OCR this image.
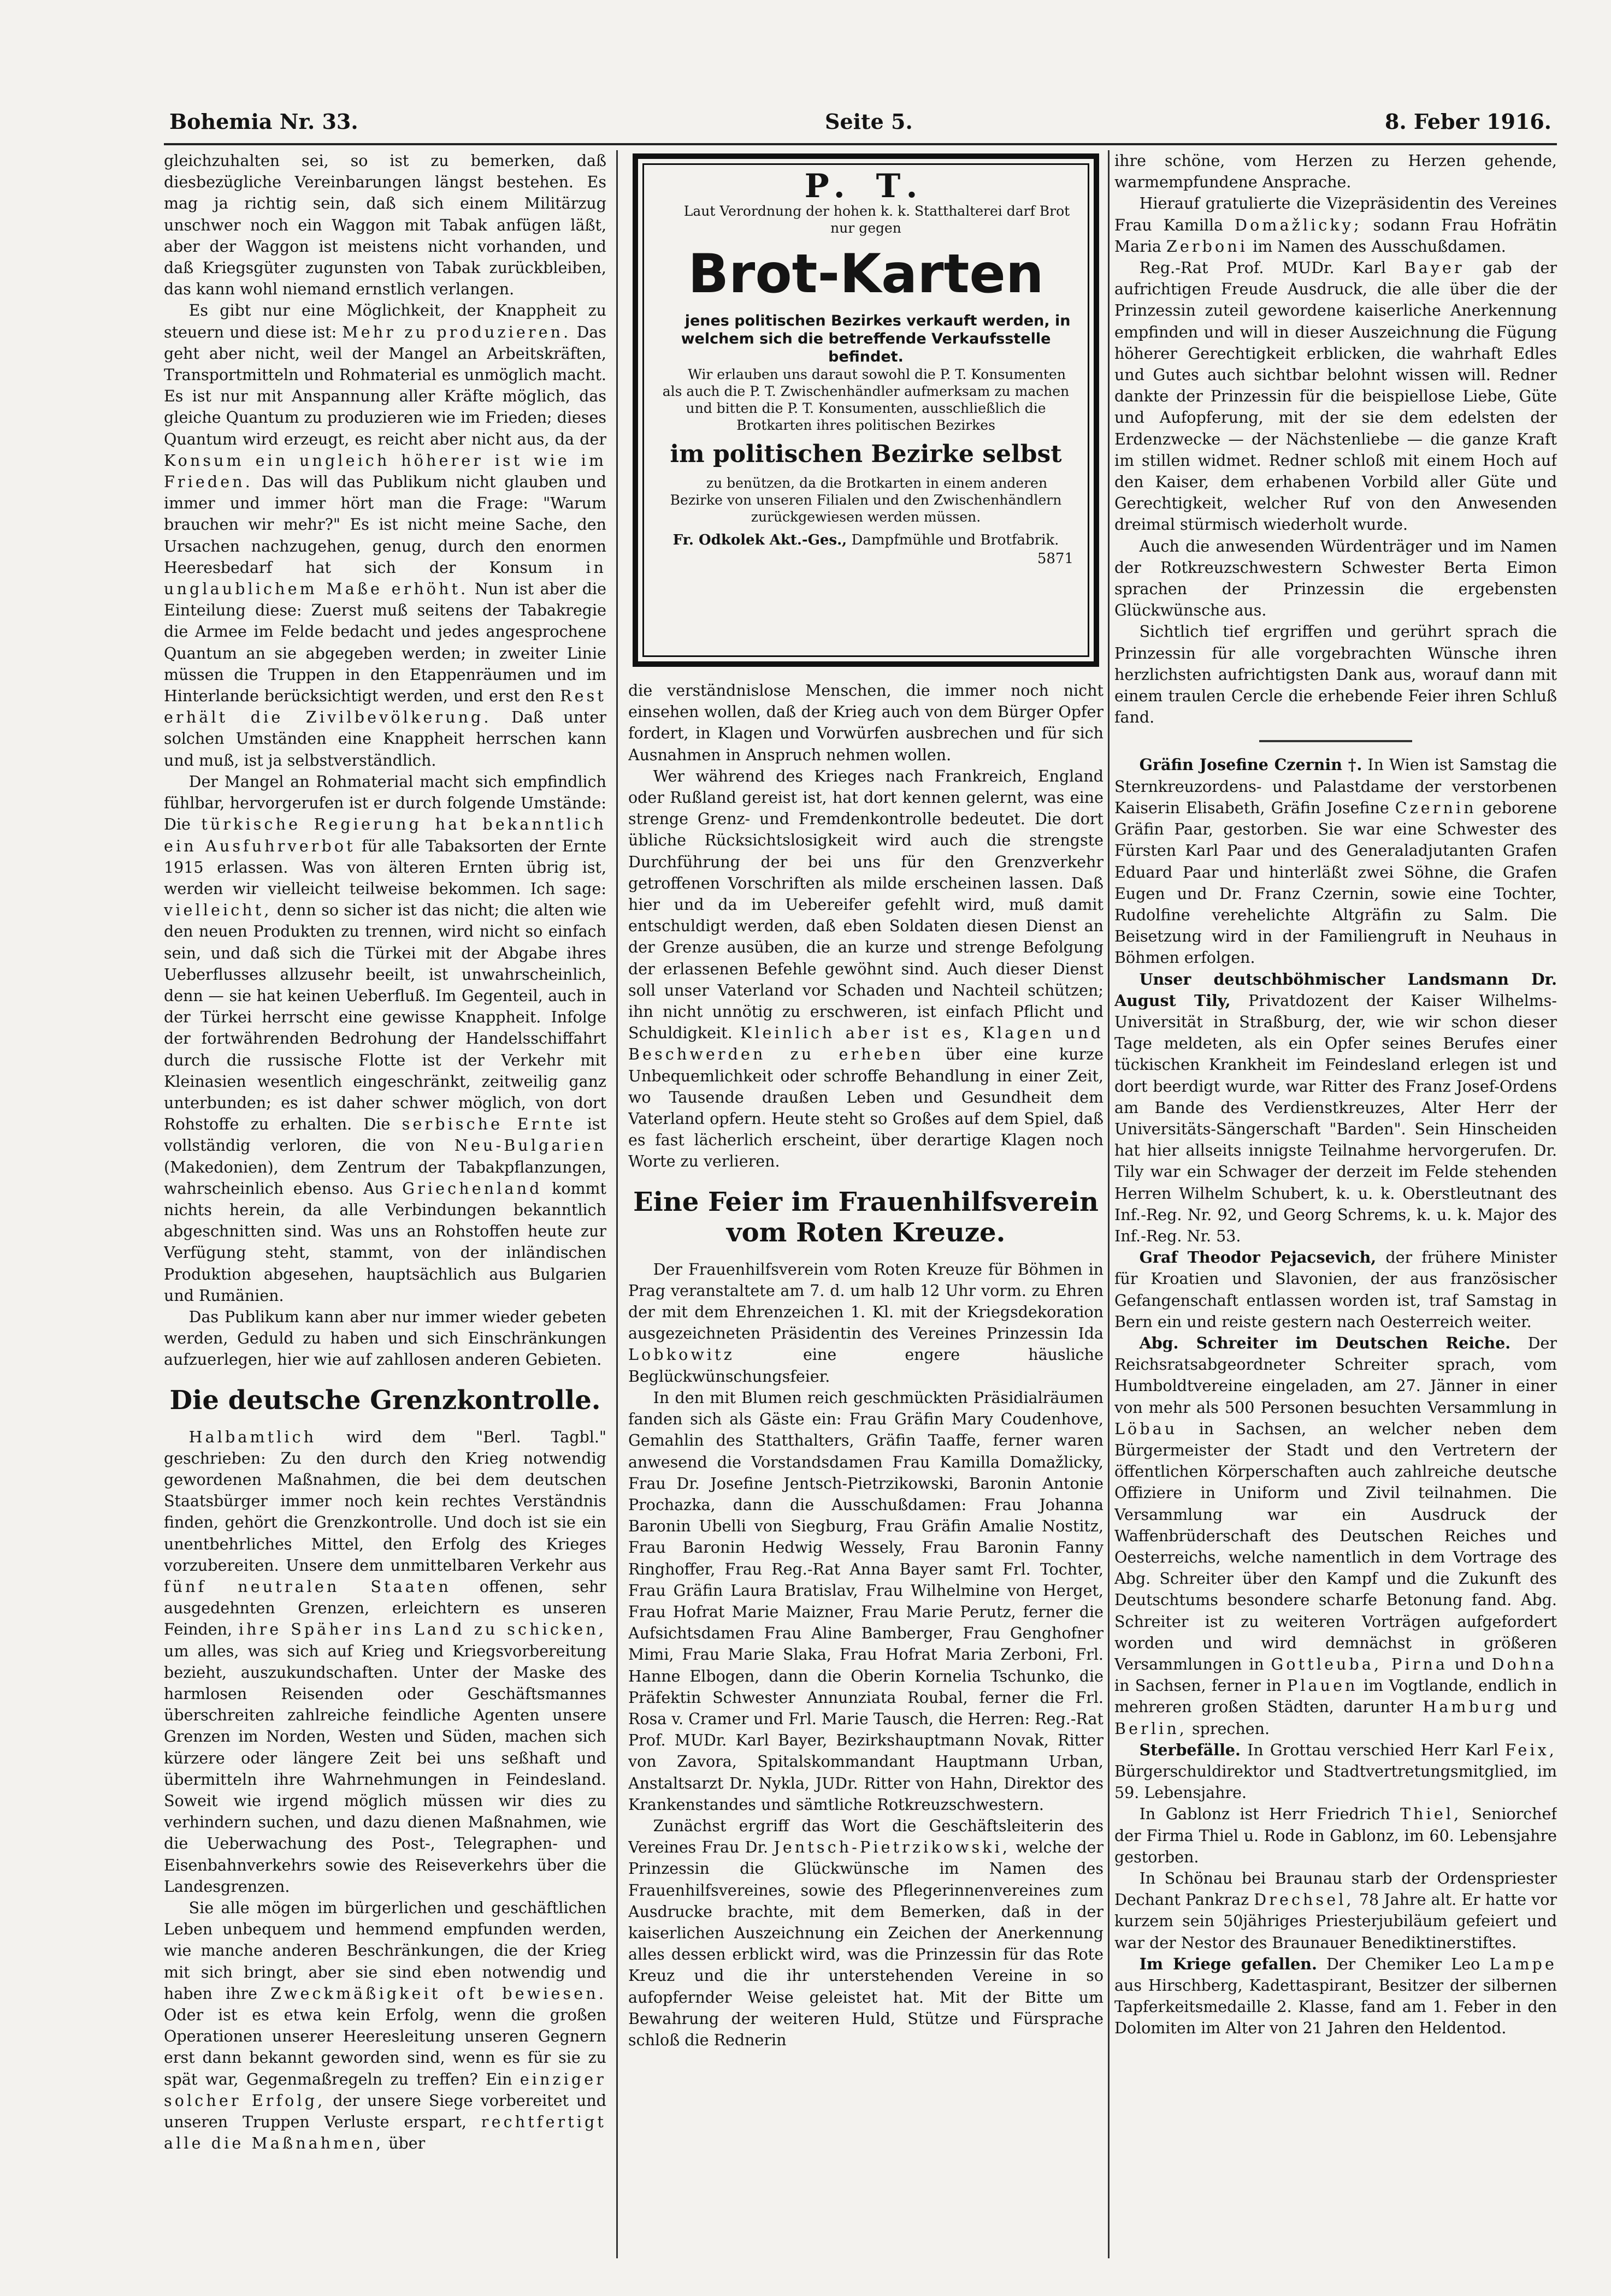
Bohemia Nr. 33.	Seite 5.	8. Feber 1916.

gleichzuhalten sei, so ist zu bemerken, daß diesbezügliche Vereinbarungen längst bestehen. Es mag ja richtig sein, daß sich einem Militärzug unschwer noch ein Waggon mit Tabak anfügen läßt, aber der Waggon ist meistens nicht vorhanden, und daß Kriegsgüter zugunsten von Tabak zurückbleiben, das kann wohl niemand ernstlich verlangen.

Es gibt nur eine Möglichkeit, der Knappheit zu steuern und diese ist: Mehr zu produzieren. Das geht aber nicht, weil der Mangel an Arbeitskräften, Transportmitteln und Rohmaterial es unmöglich macht. Es ist nur mit Anspannung aller Kräfte möglich, das gleiche Quantum zu produzieren wie im Frieden; dieses Quantum wird erzeugt, es reicht aber nicht aus, da der Konsum ein ungleich höherer ist wie im Frieden. Das will das Publikum nicht glauben und immer und immer hört man die Frage: "Warum brauchen wir mehr?" Es ist nicht meine Sache, den Ursachen nachzugehen, genug, durch den enormen Heeresbedarf hat sich der Konsum in unglaublichem Maße erhöht. Nun ist aber die Einteilung diese: Zuerst muß seitens der Tabakregie die Armee im Felde bedacht und jedes angesprochene Quantum an sie abgegeben werden; in zweiter Linie müssen die Truppen in den Etappenräumen und im Hinterlande berücksichtigt werden, und erst den Rest erhält die Zivilbevölkerung. Daß unter solchen Umständen eine Knappheit herrschen kann und muß, ist ja selbstverständlich.

Der Mangel an Rohmaterial macht sich empfindlich fühlbar, hervorgerufen ist er durch folgende Umstände: Die türkische Regierung hat bekanntlich ein Ausfuhrverbot für alle Tabaksorten der Ernte 1915 erlassen. Was von älteren Ernten übrig ist, werden wir vielleicht teilweise bekommen. Ich sage: vielleicht, denn so sicher ist das nicht; die alten wie den neuen Produkten zu trennen, wird nicht so einfach sein, und daß sich die Türkei mit der Abgabe ihres Ueberflusses allzusehr beeilt, ist unwahrscheinlich, denn — sie hat keinen Ueberfluß. Im Gegenteil, auch in der Türkei herrscht eine gewisse Knappheit. Infolge der fortwährenden Bedrohung der Handelsschiffahrt durch die russische Flotte ist der Verkehr mit Kleinasien wesentlich eingeschränkt, zeitweilig ganz unterbunden; es ist daher schwer möglich, von dort Rohstoffe zu erhalten. Die serbische Ernte ist vollständig verloren, die von Neu-Bulgarien (Makedonien), dem Zentrum der Tabakpflanzungen, wahrscheinlich ebenso. Aus Griechenland kommt nichts herein, da alle Verbindungen bekanntlich abgeschnitten sind. Was uns an Rohstoffen heute zur Verfügung steht, stammt, von der inländischen Produktion abgesehen, hauptsächlich aus Bulgarien und Rumänien.

Das Publikum kann aber nur immer wieder gebeten werden, Geduld zu haben und sich Einschränkungen aufzuerlegen, hier wie auf zahllosen anderen Gebieten.

Die deutsche Grenzkontrolle.

Halbamtlich wird dem "Berl. Tagbl." geschrieben: Zu den durch den Krieg notwendig gewordenen Maßnahmen, die bei dem deutschen Staatsbürger immer noch kein rechtes Verständnis finden, gehört die Grenzkontrolle. Und doch ist sie ein unentbehrliches Mittel, den Erfolg des Krieges vorzubereiten. Unsere dem unmittelbaren Verkehr aus fünf neutralen Staaten offenen, sehr ausgedehnten Grenzen, erleichtern es unseren Feinden, ihre Späher ins Land zu schicken, um alles, was sich auf Krieg und Kriegsvorbereitung bezieht, auszukundschaften. Unter der Maske des harmlosen Reisenden oder Geschäftsmannes überschreiten zahlreiche feindliche Agenten unsere Grenzen im Norden, Westen und Süden, machen sich kürzere oder längere Zeit bei uns seßhaft und übermitteln ihre Wahrnehmungen in Feindesland. Soweit wie irgend möglich müssen wir dies zu verhindern suchen, und dazu dienen Maßnahmen, wie die Ueberwachung des Post-, Telegraphen- und Eisenbahnverkehrs sowie des Reiseverkehrs über die Landesgrenzen.

Sie alle mögen im bürgerlichen und geschäftlichen Leben unbequem und hemmend empfunden werden, wie manche anderen Beschränkungen, die der Krieg mit sich bringt, aber sie sind eben notwendig und haben ihre Zweckmäßigkeit oft bewiesen. Oder ist es etwa kein Erfolg, wenn die großen Operationen unserer Heeresleitung unseren Gegnern erst dann bekannt geworden sind, wenn es für sie zu spät war, Gegenmaßregeln zu treffen? Ein einziger solcher Erfolg, der unsere Siege vorbereitet und unseren Truppen Verluste erspart, rechtfertigt alle die Maßnahmen, über

P. T.

Laut Verordnung der hohen k. k. Statthalterei darf Brot nur gegen

Brot-Karten

jenes politischen Bezirkes verkauft werden, in welchem sich die betreffende Verkaufsstelle befindet.

Wir erlauben uns daraut sowohl die P. T. Konsumenten als auch die P. T. Zwischenhändler aufmerksam zu machen und bitten die P. T. Konsumenten, ausschließlich die Brotkarten ihres politischen Bezirkes

im politischen Bezirke selbst

zu benützen, da die Brotkarten in einem anderen Bezirke von unseren Filialen und den Zwischenhändlern zurückgewiesen werden müssen.

Fr. Odkolek Akt.-Ges., Dampfmühle und Brotfabrik.
5871

die verständnislose Menschen, die immer noch nicht einsehen wollen, daß der Krieg auch von dem Bürger Opfer fordert, in Klagen und Vorwürfen ausbrechen und für sich Ausnahmen in Anspruch nehmen wollen.

Wer während des Krieges nach Frankreich, England oder Rußland gereist ist, hat dort kennen gelernt, was eine strenge Grenz- und Fremdenkontrolle bedeutet. Die dort übliche Rücksichtslosigkeit wird auch die strengste Durchführung der bei uns für den Grenzverkehr getroffenen Vorschriften als milde erscheinen lassen. Daß hier und da im Uebereifer gefehlt wird, muß damit entschuldigt werden, daß eben Soldaten diesen Dienst an der Grenze ausüben, die an kurze und strenge Befolgung der erlassenen Befehle gewöhnt sind. Auch dieser Dienst soll unser Vaterland vor Schaden und Nachteil schützen; ihn nicht unnötig zu erschweren, ist einfach Pflicht und Schuldigkeit. Kleinlich aber ist es, Klagen und Beschwerden zu erheben über eine kurze Unbequemlichkeit oder schroffe Behandlung in einer Zeit, wo Tausende draußen Leben und Gesundheit dem Vaterland opfern. Heute steht so Großes auf dem Spiel, daß es fast lächerlich erscheint, über derartige Klagen noch Worte zu verlieren.

Eine Feier im Frauenhilfsverein vom Roten Kreuze.

Der Frauenhilfsverein vom Roten Kreuze für Böhmen in Prag veranstaltete am 7. d. um halb 12 Uhr vorm. zu Ehren der mit dem Ehrenzeichen 1. Kl. mit der Kriegsdekoration ausgezeichneten Präsidentin des Vereines Prinzessin Ida Lobkowitz eine engere häusliche Beglückwünschungsfeier.

In den mit Blumen reich geschmückten Präsidialräumen fanden sich als Gäste ein: Frau Gräfin Mary Coudenhove, Gemahlin des Statthalters, Gräfin Taaffe, ferner waren anwesend die Vorstandsdamen Frau Kamilla Domažlicky, Frau Dr. Josefine Jentsch-Pietrzikowski, Baronin Antonie Prochazka, dann die Ausschußdamen: Frau Johanna Baronin Ubelli von Siegburg, Frau Gräfin Amalie Nostitz, Frau Baronin Hedwig Wessely, Frau Baronin Fanny Ringhoffer, Frau Reg.-Rat Anna Bayer samt Frl. Tochter, Frau Gräfin Laura Bratislav, Frau Wilhelmine von Herget, Frau Hofrat Marie Maizner, Frau Marie Perutz, ferner die Aufsichtsdamen Frau Aline Bamberger, Frau Genghofner Mimi, Frau Marie Slaka, Frau Hofrat Maria Zerboni, Frl. Hanne Elbogen, dann die Oberin Kornelia Tschunko, die Präfektin Schwester Annunziata Roubal, ferner die Frl. Rosa v. Cramer und Frl. Marie Tausch, die Herren: Reg.-Rat Prof. MUDr. Karl Bayer, Bezirkshauptmann Novak, Ritter von Zavora, Spitalskommandant Hauptmann Urban, Anstaltsarzt Dr. Nykla, JUDr. Ritter von Hahn, Direktor des Krankenstandes und sämtliche Rotkreuzschwestern.

Zunächst ergriff das Wort die Geschäftsleiterin des Vereines Frau Dr. Jentsch-Pietrzikowski, welche der Prinzessin die Glückwünsche im Namen des Frauenhilfsvereines, sowie des Pflegerinnenvereines zum Ausdrucke brachte, mit dem Bemerken, daß in der kaiserlichen Auszeichnung ein Zeichen der Anerkennung alles dessen erblickt wird, was die Prinzessin für das Rote Kreuz und die ihr unterstehenden Vereine in so aufopfernder Weise geleistet hat. Mit der Bitte um Bewahrung der weiteren Huld, Stütze und Fürsprache schloß die Rednerin

ihre schöne, vom Herzen zu Herzen gehende, warmempfundene Ansprache.

Hierauf gratulierte die Vizepräsidentin des Vereines Frau Kamilla Domažlicky; sodann Frau Hofrätin Maria Zerboni im Namen des Ausschußdamen.

Reg.-Rat Prof. MUDr. Karl Bayer gab der aufrichtigen Freude Ausdruck, die alle über die der Prinzessin zuteil gewordene kaiserliche Anerkennung empfinden und will in dieser Auszeichnung die Fügung höherer Gerechtigkeit erblicken, die wahrhaft Edles und Gutes auch sichtbar belohnt wissen will. Redner dankte der Prinzessin für die beispiellose Liebe, Güte und Aufopferung, mit der sie dem edelsten der Erdenzwecke — der Nächstenliebe — die ganze Kraft im stillen widmet. Redner schloß mit einem Hoch auf den Kaiser, dem erhabenen Vorbild aller Güte und Gerechtigkeit, welcher Ruf von den Anwesenden dreimal stürmisch wiederholt wurde.

Auch die anwesenden Würdenträger und im Namen der Rotkreuzschwestern Schwester Berta Eimon sprachen der Prinzessin die ergebensten Glückwünsche aus.

Sichtlich tief ergriffen und gerührt sprach die Prinzessin für alle vorgebrachten Wünsche ihren herzlichsten aufrichtigsten Dank aus, worauf dann mit einem traulen Cercle die erhebende Feier ihren Schluß fand.

Gräfin Josefine Czernin †. In Wien ist Samstag die Sternkreuzordens- und Palastdame der verstorbenen Kaiserin Elisabeth, Gräfin Josefine Czernin geborene Gräfin Paar, gestorben. Sie war eine Schwester des Fürsten Karl Paar und des Generaladjutanten Grafen Eduard Paar und hinterläßt zwei Söhne, die Grafen Eugen und Dr. Franz Czernin, sowie eine Tochter, Rudolfine verehelichte Altgräfin zu Salm. Die Beisetzung wird in der Familiengruft in Neuhaus in Böhmen erfolgen.

Unser deutschböhmischer Landsmann Dr. August Tily, Privatdozent der Kaiser Wilhelms-Universität in Straßburg, der, wie wir schon dieser Tage meldeten, als ein Opfer seines Berufes einer tückischen Krankheit im Feindesland erlegen ist und dort beerdigt wurde, war Ritter des Franz Josef-Ordens am Bande des Verdienstkreuzes, Alter Herr der Universitäts-Sängerschaft "Barden". Sein Hinscheiden hat hier allseits innigste Teilnahme hervorgerufen. Dr. Tily war ein Schwager der derzeit im Felde stehenden Herren Wilhelm Schubert, k. u. k. Oberstleutnant des Inf.-Reg. Nr. 92, und Georg Schrems, k. u. k. Major des Inf.-Reg. Nr. 53.

Graf Theodor Pejacsevich, der frühere Minister für Kroatien und Slavonien, der aus französischer Gefangenschaft entlassen worden ist, traf Samstag in Bern ein und reiste gestern nach Oesterreich weiter.

Abg. Schreiter im Deutschen Reiche. Der Reichsratsabgeordneter Schreiter sprach, vom Humboldtvereine eingeladen, am 27. Jänner in einer von mehr als 500 Personen besuchten Versammlung in Löbau in Sachsen, an welcher neben dem Bürgermeister der Stadt und den Vertretern der öffentlichen Körperschaften auch zahlreiche deutsche Offiziere in Uniform und Zivil teilnahmen. Die Versammlung war ein Ausdruck der Waffenbrüderschaft des Deutschen Reiches und Oesterreichs, welche namentlich in dem Vortrage des Abg. Schreiter über den Kampf und die Zukunft des Deutschtums besondere scharfe Betonung fand. Abg. Schreiter ist zu weiteren Vorträgen aufgefordert worden und wird demnächst in größeren Versammlungen in Gottleuba, Pirna und Dohna in Sachsen, ferner in Plauen im Vogtlande, endlich in mehreren großen Städten, darunter Hamburg und Berlin, sprechen.

Sterbefälle. In Grottau verschied Herr Karl Feix, Bürgerschuldirektor und Stadtvertretungsmitglied, im 59. Lebensjahre.

In Gablonz ist Herr Friedrich Thiel, Seniorchef der Firma Thiel u. Rode in Gablonz, im 60. Lebensjahre gestorben.

In Schönau bei Braunau starb der Ordenspriester Dechant Pankraz Drechsel, 78 Jahre alt. Er hatte vor kurzem sein 50jähriges Priesterjubiläum gefeiert und war der Nestor des Braunauer Benediktinerstiftes.

Im Kriege gefallen. Der Chemiker Leo Lampe aus Hirschberg, Kadettaspirant, Besitzer der silbernen Tapferkeitsmedaille 2. Klasse, fand am 1. Feber in den Dolomiten im Alter von 21 Jahren den Heldentod.
